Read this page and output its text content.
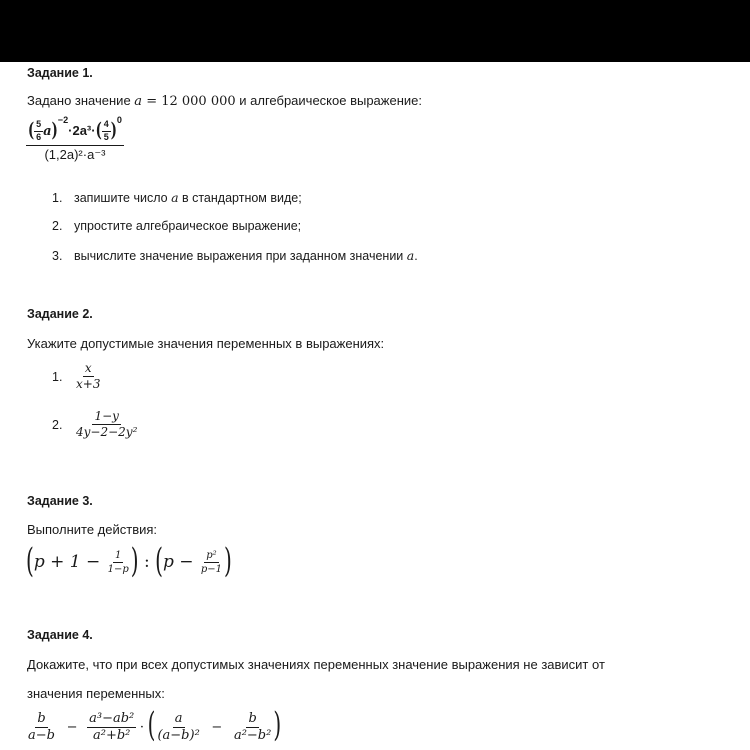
Задание 1.
Задано значение a = 12 000 000 и алгебраическое выражение:
$\frac{( \frac{5}{6} a)^{-2}\cdot 2a^3\cdot( \frac{4}{5} )^0}{\text{(1,2a)²·a⁻³}}$
1. запишите число a в стандартном виде;
2. упростите алгебраическое выражение;
3. вычислите значение выражения при заданном значении a.
Задание 2.
Укажите допустимые значения переменных в выражениях:
1. $\frac{x}{x+3}$
2. $\frac{1-y}{\text{4y−2−2y²}}$
Задание 3.
Выполните действия:
($p + 1 - \frac{1}{1-p}$ ) : ($p - \frac{\text{p²}}{p-1}$ )
Задание 4.
Докажите, что при всех допустимых значениях переменных значение выражения не зависит от
значения переменных:
$\frac{b}{a-b} - \frac{\text{a³−ab²}}{\text{a²+b²}}$ · ( $\frac{a}{\text{(a−b)²}} - \frac{b}{\text{a²−b²}}$ )
